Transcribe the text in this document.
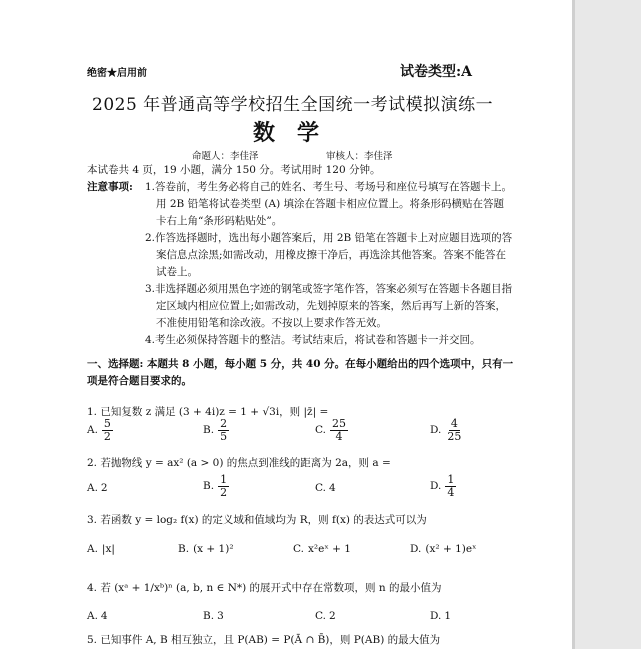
绝密★启用前	试卷类型:A
2025 年普通高等学校招生全国统一考试模拟演练一
数　学
命题人：李佳泽	审核人：李佳泽
本试卷共 4 页，19 小题，满分 150 分。考试用时 120 分钟。
注意事项: 1.答卷前，考生务必将自己的姓名、考生号、考场号和座位号填写在答题卡上。
用 2B 铅笔将试卷类型 (A) 填涂在答题卡相应位置上。将条形码横贴在答题
卡右上角“条形码粘贴处”。
2.作答选择题时，选出每小题答案后，用 2B 铅笔在答题卡上对应题目选项的答
案信息点涂黑;如需改动，用橡皮擦干净后，再选涂其他答案。答案不能答在
试卷上。
3.非选择题必须用黑色字迹的钢笔或签字笔作答，答案必须写在答题卡各题目指
定区域内相应位置上;如需改动，先划掉原来的答案，然后再写上新的答案，
不准使用铅笔和涂改液。不按以上要求作答无效。
4.考生必须保持答题卡的整洁。考试结束后，将试卷和答题卡一并交回。
一、选择题: 本题共 8 小题，每小题 5 分，共 40 分。在每小题给出的四个选项中，只有一
项是符合题目要求的。
1. 已知复数 z 满足 (3 + 4i)z = 1 + √3i，则 |z̄| =
A. $\frac{5}{2}$	B. $\frac{2}{5}$	C. $\frac{25}{4}$	D. $\frac{4}{25}$
2. 若抛物线 y = ax² (a > 0) 的焦点到准线的距离为 2a，则 a =
A. 2	B. $\frac{1}{2}$	C. 4	D. $\frac{1}{4}$
3. 若函数 y = log₂ f(x) 的定义域和值域均为 R，则 f(x) 的表达式可以为
A. |x|	B. (x + 1)²	C. x²eˣ + 1	D. (x² + 1)eˣ
4. 若 (xᵃ + 1/xᵇ)ⁿ (a, b, n ∈ N*) 的展开式中存在常数项，则 n 的最小值为
A. 4	B. 3	C. 2	D. 1
5. 已知事件 A, B 相互独立，且 P(AB) = P(Ā ∩ B̄)，则 P(AB) 的最大值为
